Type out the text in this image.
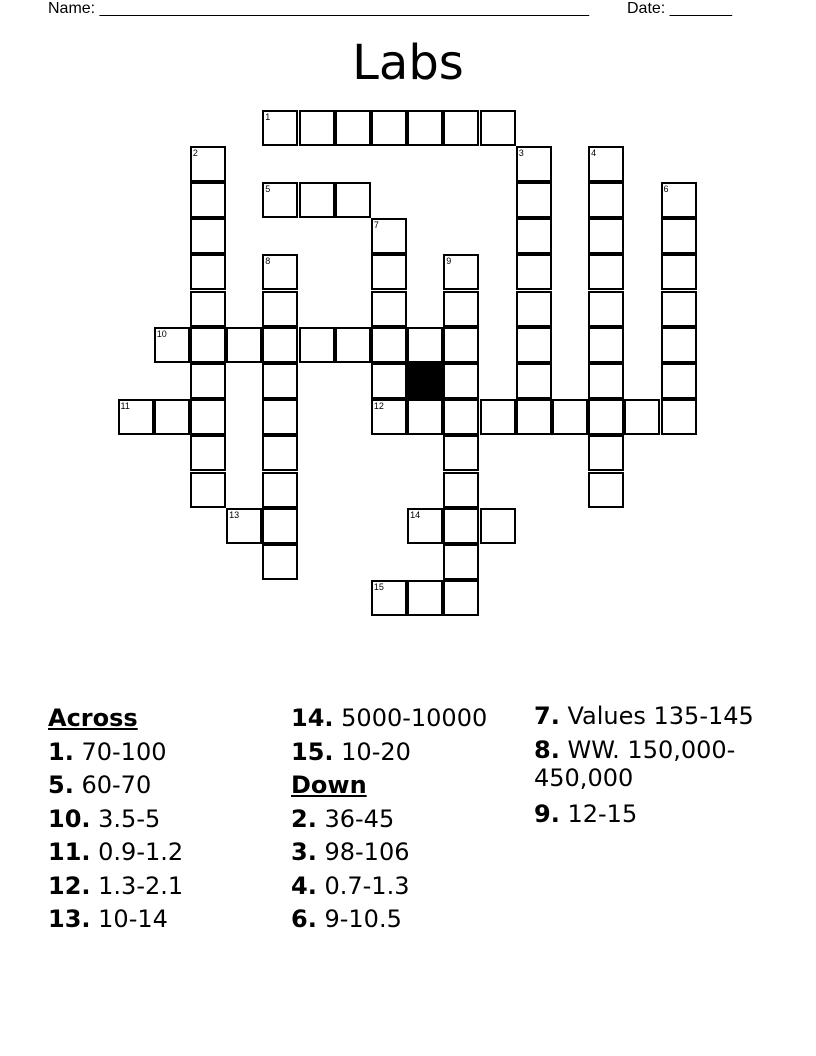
Name: _______________________________________________________ Date: _______
Labs
1
2	3	4
5	6
7
8	9
10
11	12
13	14
15
Across
1. 70-100
5. 60-70
10. 3.5-5
11. 0.9-1.2
12. 1.3-2.1
13. 10-14
14. 5000-10000
15. 10-20
Down
2. 36-45
3. 98-106
4. 0.7-1.3
6. 9-10.5
7. Values 135-145
8. WW. 150,000-450,000
9. 12-15
